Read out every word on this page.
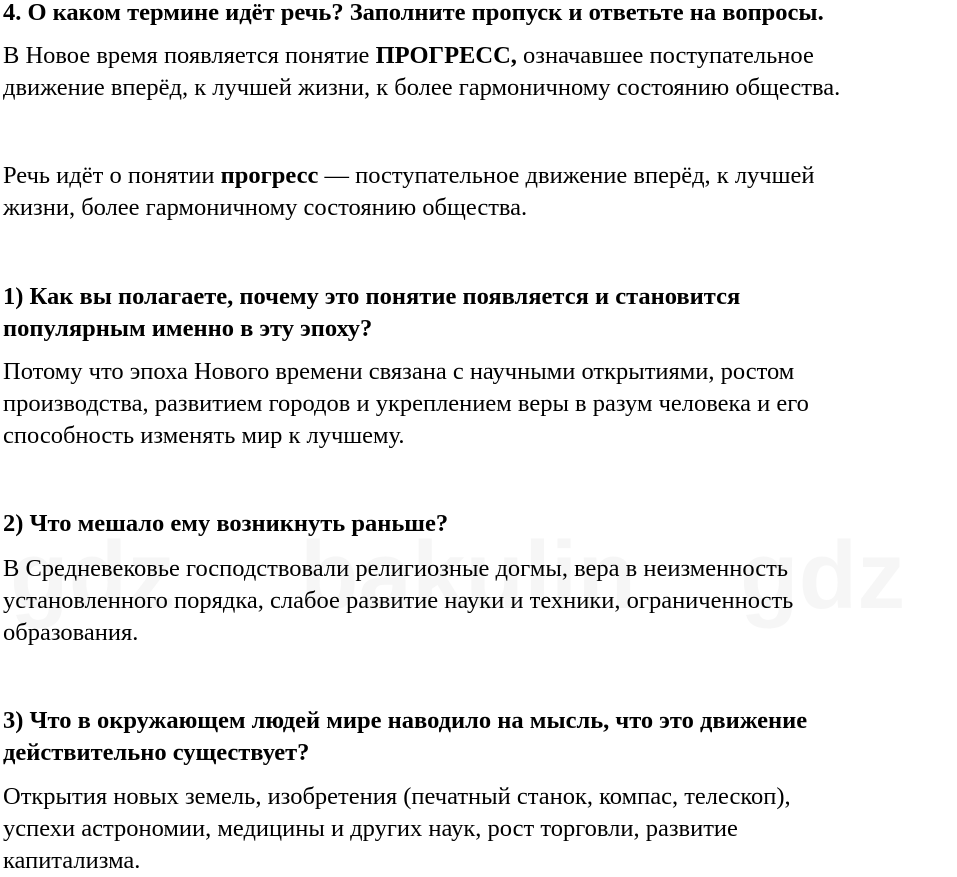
4. О каком термине идёт речь? Заполните пропуск и ответьте на вопросы.

В Новое время появляется понятие ПРОГРЕСС, означавшее поступательное
движение вперёд, к лучшей жизни, к более гармоничному состоянию общества.

Речь идёт о понятии прогресс — поступательное движение вперёд, к лучшей
жизни, более гармоничному состоянию общества.

1) Как вы полагаете, почему это понятие появляется и становится
популярным именно в эту эпоху?

Потому что эпоха Нового времени связана с научными открытиями, ростом
производства, развитием городов и укреплением веры в разум человека и его
способность изменять мир к лучшему.

2) Что мешало ему возникнуть раньше?

В Средневековье господствовали религиозные догмы, вера в неизменность
установленного порядка, слабое развитие науки и техники, ограниченность
образования.

3) Что в окружающем людей мире наводило на мысль, что это движение
действительно существует?

Открытия новых земель, изобретения (печатный станок, компас, телескоп),
успехи астрономии, медицины и других наук, рост торговли, развитие
капитализма.
